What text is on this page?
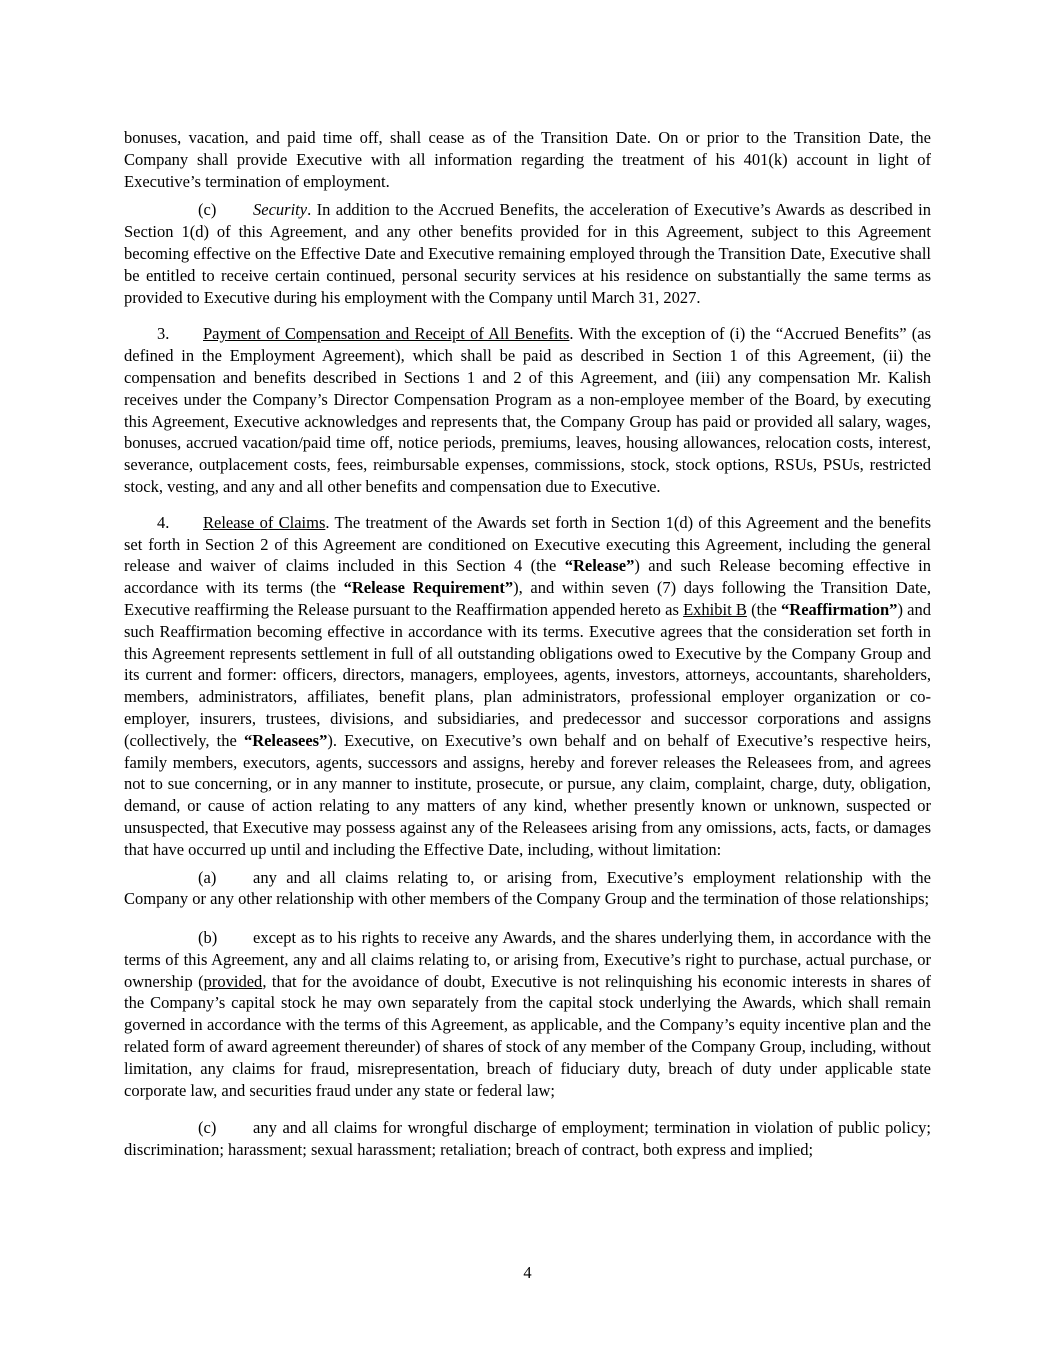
bonuses, vacation, and paid time off, shall cease as of the Transition Date. On or prior to the Transition Date, the Company shall provide Executive with all information regarding the treatment of his 401(k) account in light of Executive’s termination of employment.

(c) Security. In addition to the Accrued Benefits, the acceleration of Executive’s Awards as described in Section 1(d) of this Agreement, and any other benefits provided for in this Agreement, subject to this Agreement becoming effective on the Effective Date and Executive remaining employed through the Transition Date, Executive shall be entitled to receive certain continued, personal security services at his residence on substantially the same terms as provided to Executive during his employment with the Company until March 31, 2027.

3. Payment of Compensation and Receipt of All Benefits. With the exception of (i) the “Accrued Benefits” (as defined in the Employment Agreement), which shall be paid as described in Section 1 of this Agreement, (ii) the compensation and benefits described in Sections 1 and 2 of this Agreement, and (iii) any compensation Mr. Kalish receives under the Company’s Director Compensation Program as a non-employee member of the Board, by executing this Agreement, Executive acknowledges and represents that, the Company Group has paid or provided all salary, wages, bonuses, accrued vacation/paid time off, notice periods, premiums, leaves, housing allowances, relocation costs, interest, severance, outplacement costs, fees, reimbursable expenses, commissions, stock, stock options, RSUs, PSUs, restricted stock, vesting, and any and all other benefits and compensation due to Executive.

4. Release of Claims. The treatment of the Awards set forth in Section 1(d) of this Agreement and the benefits set forth in Section 2 of this Agreement are conditioned on Executive executing this Agreement, including the general release and waiver of claims included in this Section 4 (the “Release”) and such Release becoming effective in accordance with its terms (the “Release Requirement”), and within seven (7) days following the Transition Date, Executive reaffirming the Release pursuant to the Reaffirmation appended hereto as Exhibit B (the “Reaffirmation”) and such Reaffirmation becoming effective in accordance with its terms. Executive agrees that the consideration set forth in this Agreement represents settlement in full of all outstanding obligations owed to Executive by the Company Group and its current and former: officers, directors, managers, employees, agents, investors, attorneys, accountants, shareholders, members, administrators, affiliates, benefit plans, plan administrators, professional employer organization or co-employer, insurers, trustees, divisions, and subsidiaries, and predecessor and successor corporations and assigns (collectively, the “Releasees”). Executive, on Executive’s own behalf and on behalf of Executive’s respective heirs, family members, executors, agents, successors and assigns, hereby and forever releases the Releasees from, and agrees not to sue concerning, or in any manner to institute, prosecute, or pursue, any claim, complaint, charge, duty, obligation, demand, or cause of action relating to any matters of any kind, whether presently known or unknown, suspected or unsuspected, that Executive may possess against any of the Releasees arising from any omissions, acts, facts, or damages that have occurred up until and including the Effective Date, including, without limitation:

(a) any and all claims relating to, or arising from, Executive’s employment relationship with the Company or any other relationship with other members of the Company Group and the termination of those relationships;

(b) except as to his rights to receive any Awards, and the shares underlying them, in accordance with the terms of this Agreement, any and all claims relating to, or arising from, Executive’s right to purchase, actual purchase, or ownership (provided, that for the avoidance of doubt, Executive is not relinquishing his economic interests in shares of the Company’s capital stock he may own separately from the capital stock underlying the Awards, which shall remain governed in accordance with the terms of this Agreement, as applicable, and the Company’s equity incentive plan and the related form of award agreement thereunder) of shares of stock of any member of the Company Group, including, without limitation, any claims for fraud, misrepresentation, breach of fiduciary duty, breach of duty under applicable state corporate law, and securities fraud under any state or federal law;

(c) any and all claims for wrongful discharge of employment; termination in violation of public policy; discrimination; harassment; sexual harassment; retaliation; breach of contract, both express and implied;

4
